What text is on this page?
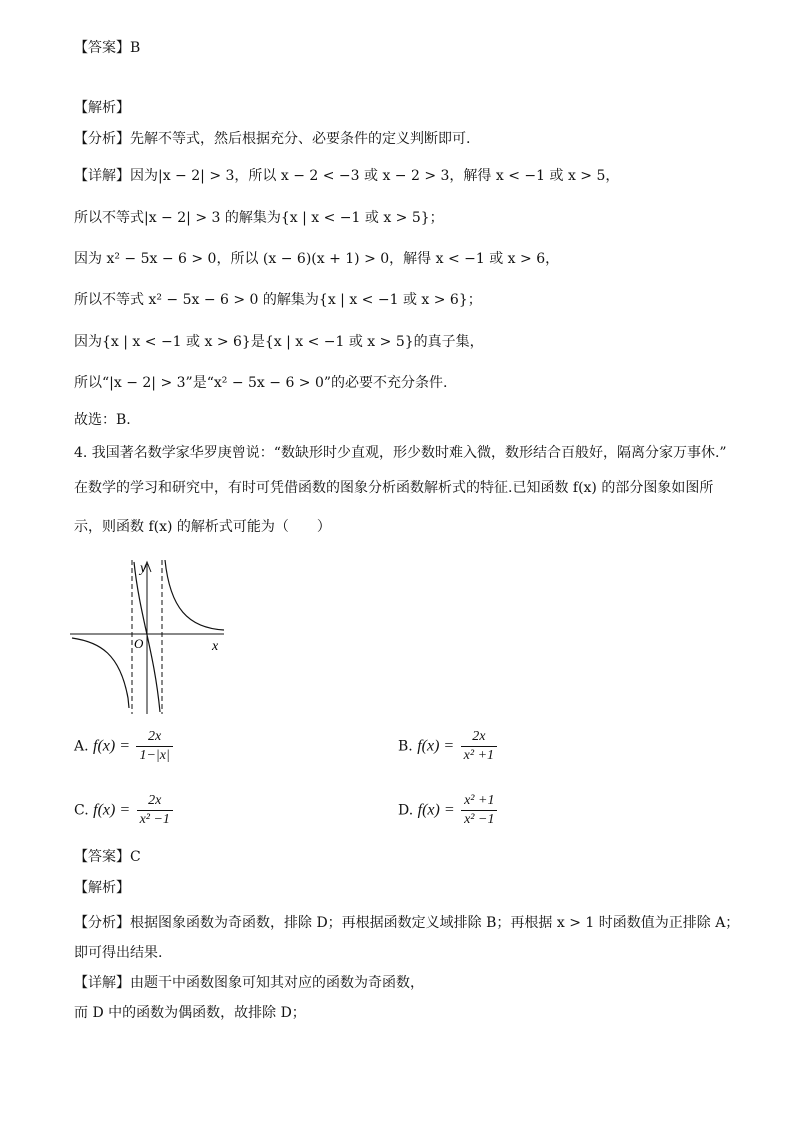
【答案】B
【解析】
【分析】先解不等式，然后根据充分、必要条件的定义判断即可.
【详解】因为|x − 2| > 3，所以 x − 2 < −3 或 x − 2 > 3，解得 x < −1 或 x > 5，
所以不等式|x − 2| > 3 的解集为{x | x < −1 或 x > 5}；
因为 x² − 5x − 6 > 0，所以 (x − 6)(x + 1) > 0，解得 x < −1 或 x > 6，
所以不等式 x² − 5x − 6 > 0 的解集为{x | x < −1 或 x > 6}；
因为{x | x < −1 或 x > 6}是{x | x < −1 或 x > 5}的真子集，
所以“|x − 2| > 3”是“x² − 5x − 6 > 0”的必要不充分条件.
故选：B.
4. 我国著名数学家华罗庚曾说：“数缺形时少直观，形少数时难入微，数形结合百般好，隔离分家万事休.”
在数学的学习和研究中，有时可凭借函数的图象分析函数解析式的特征.已知函数 f(x) 的部分图象如图所
示，则函数 f(x) 的解析式可能为（　　）
y
x
O
A. $f(x) = \frac{2x}{1-|x|}$	B. $f(x) = \frac{2x}{\text{x² +1}}$
C. $f(x) = \frac{2x}{\text{x² −1}}$	D. $f(x) = \frac{\text{x² +1}}{\text{x² −1}}$
【答案】C
【解析】
【分析】根据图象函数为奇函数，排除 D；再根据函数定义域排除 B；再根据 x > 1 时函数值为正排除 A；
即可得出结果.
【详解】由题干中函数图象可知其对应的函数为奇函数，
而 D 中的函数为偶函数，故排除 D；
